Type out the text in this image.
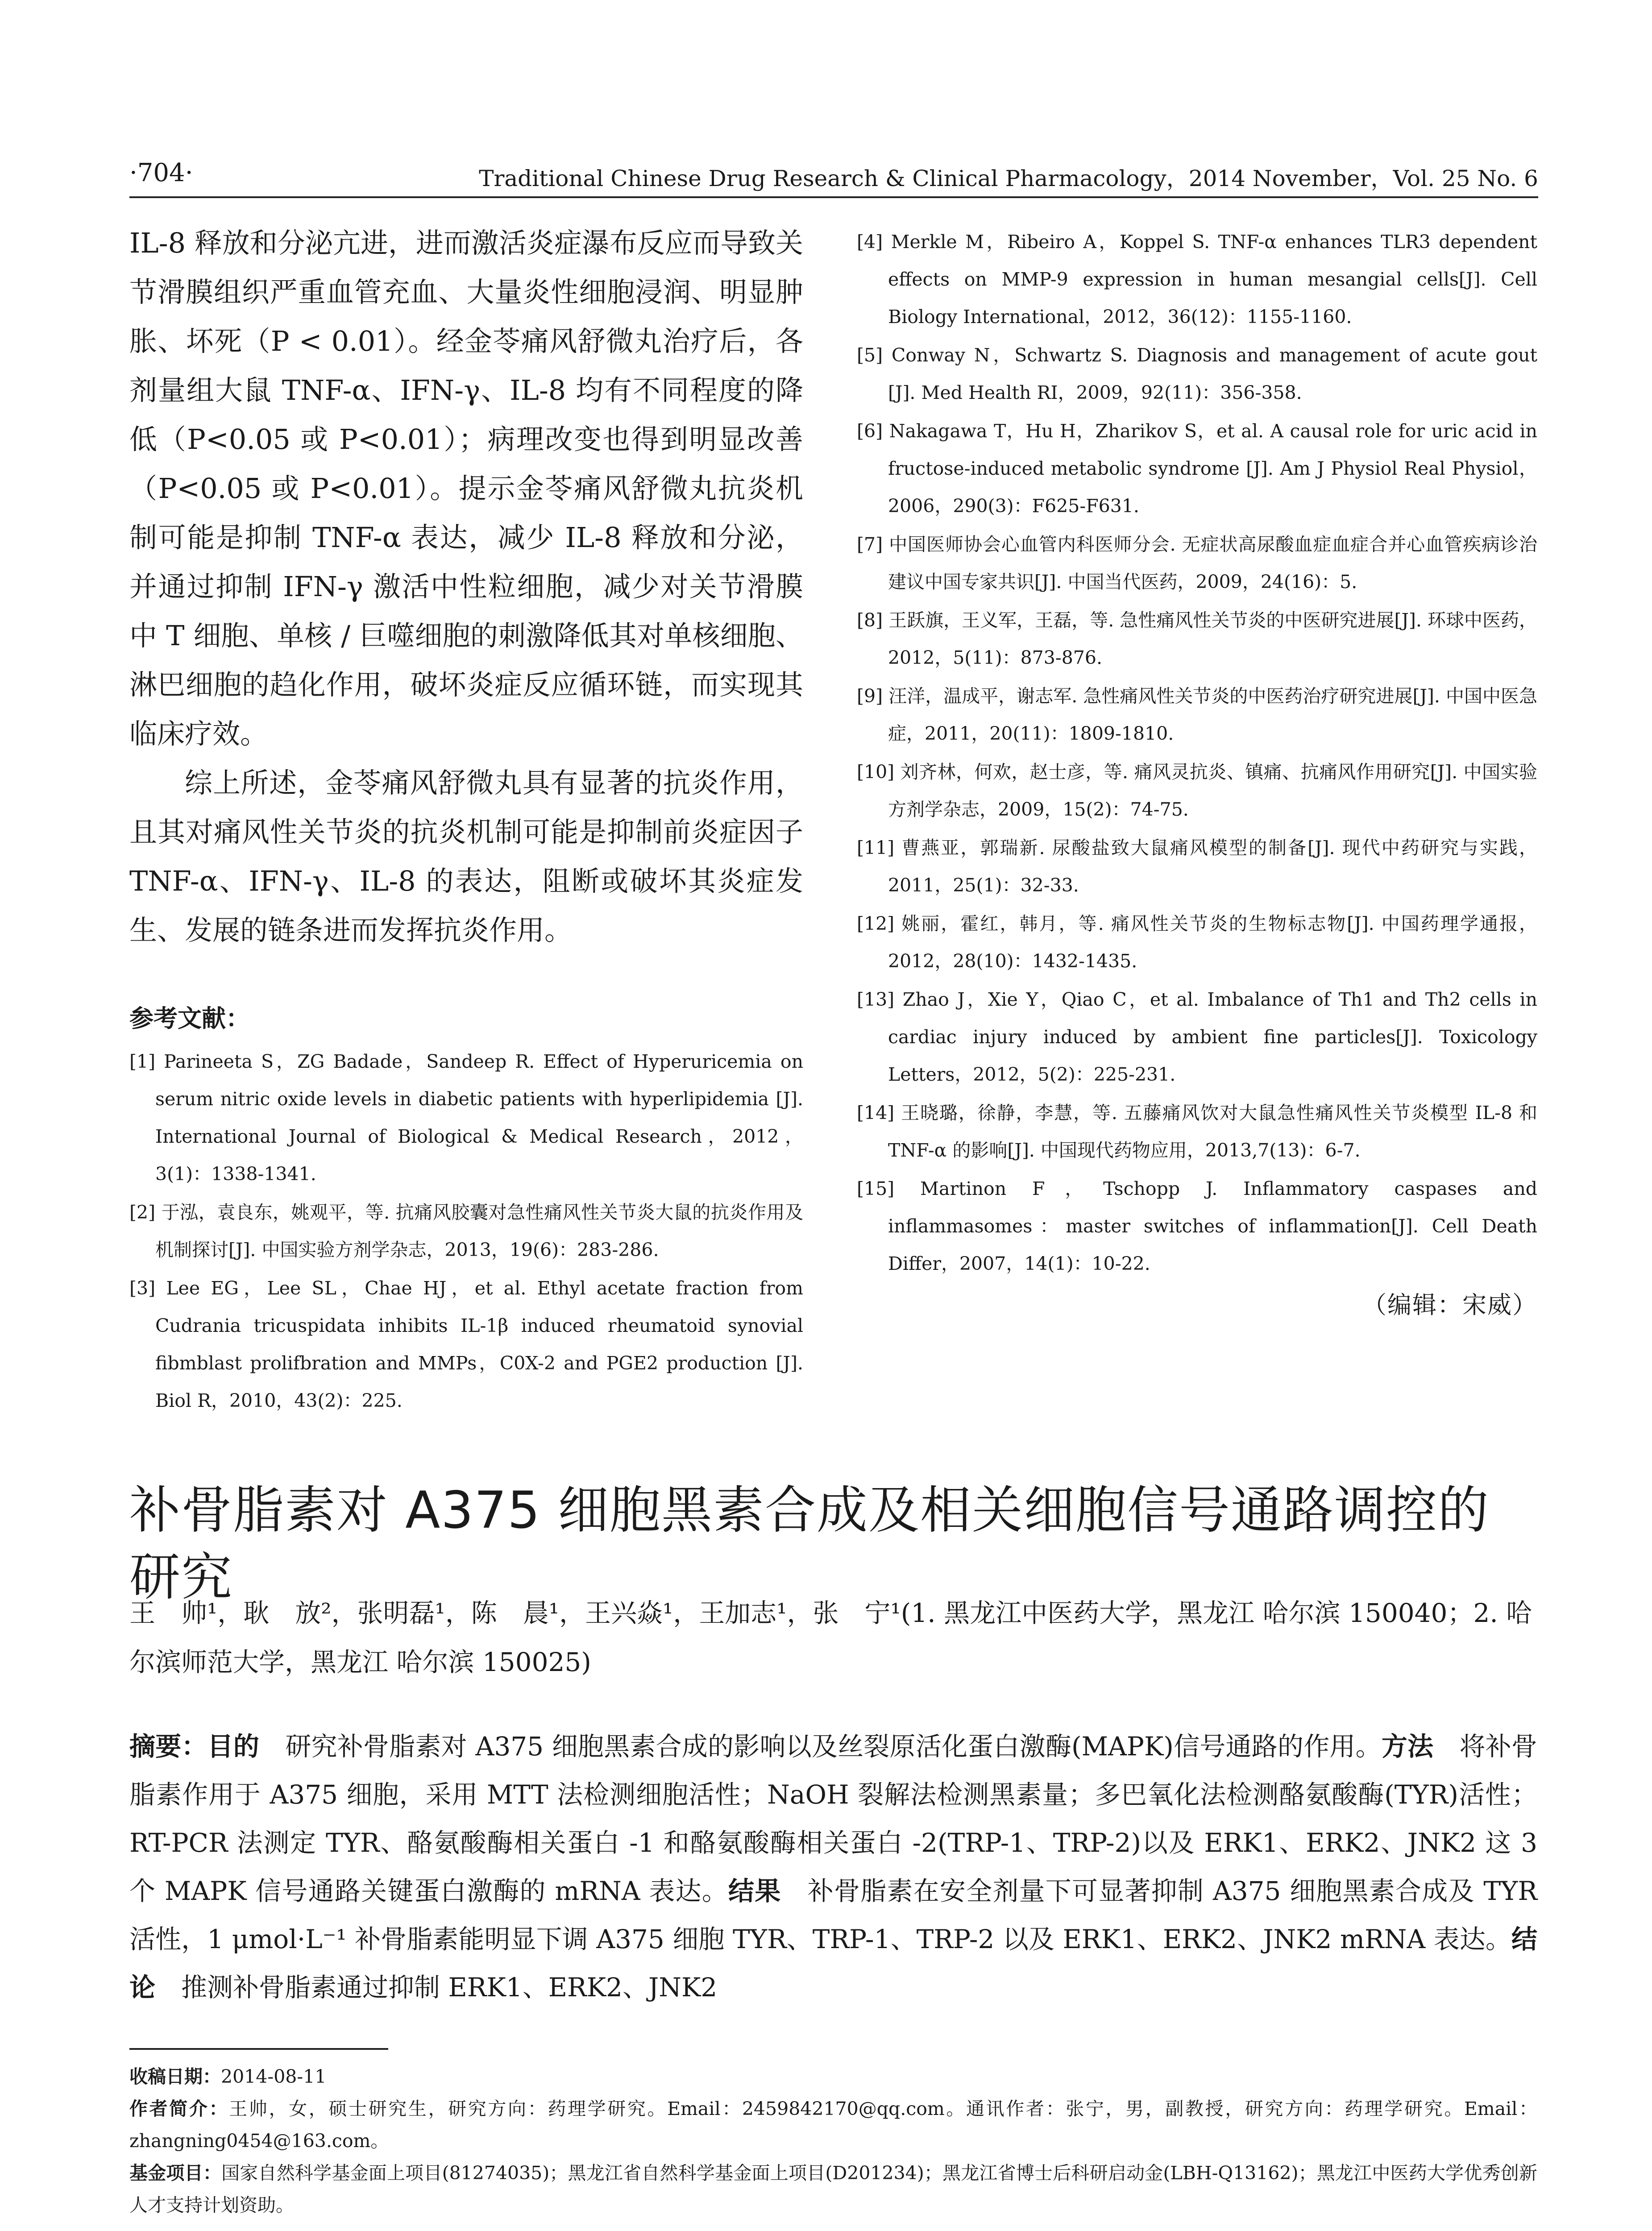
·704·	Traditional Chinese Drug Research & Clinical Pharmacology，2014 November，Vol. 25 No. 6

IL-8 释放和分泌亢进，进而激活炎症瀑布反应而导致关节滑膜组织严重血管充血、大量炎性细胞浸润、明显肿胀、坏死（P < 0.01）。经金苓痛风舒微丸治疗后，各剂量组大鼠 TNF-α、IFN-γ、IL-8 均有不同程度的降低（P<0.05 或 P<0.01）；病理改变也得到明显改善（P<0.05 或 P<0.01）。提示金苓痛风舒微丸抗炎机制可能是抑制 TNF-α 表达，减少 IL-8 释放和分泌，并通过抑制 IFN-γ 激活中性粒细胞，减少对关节滑膜中 T 细胞、单核 / 巨噬细胞的刺激降低其对单核细胞、淋巴细胞的趋化作用，破坏炎症反应循环链，而实现其临床疗效。

综上所述，金苓痛风舒微丸具有显著的抗炎作用，且其对痛风性关节炎的抗炎机制可能是抑制前炎症因子 TNF-α、IFN-γ、IL-8 的表达，阻断或破坏其炎症发生、发展的链条进而发挥抗炎作用。

参考文献：

[1] Parineeta S，ZG Badade，Sandeep R. Effect of Hyperuricemia on serum nitric oxide levels in diabetic patients with hyperlipidemia [J]. International Journal of Biological & Medical Research，2012，3(1)：1338-1341.

[2] 于泓，袁良东，姚观平，等. 抗痛风胶囊对急性痛风性关节炎大鼠的抗炎作用及机制探讨[J]. 中国实验方剂学杂志，2013，19(6)：283-286.

[3] Lee EG，Lee SL，Chae HJ，et al. Ethyl acetate fraction from Cudrania tricuspidata inhibits IL-1β induced rheumatoid synovial fibmblast prolifbration and MMPs，C0X-2 and PGE2 production [J]. Biol R，2010，43(2)：225.

[4] Merkle M，Ribeiro A，Koppel S. TNF-α enhances TLR3 dependent effects on MMP-9 expression in human mesangial cells[J]. Cell Biology International，2012，36(12)：1155-1160.

[5] Conway N，Schwartz S. Diagnosis and management of acute gout [J]. Med Health RI，2009，92(11)：356-358.

[6] Nakagawa T，Hu H，Zharikov S，et al. A causal role for uric acid in fructose-induced metabolic syndrome [J]. Am J Physiol Real Physiol，2006，290(3)：F625-F631.

[7] 中国医师协会心血管内科医师分会. 无症状高尿酸血症血症合并心血管疾病诊治建议中国专家共识[J]. 中国当代医药，2009，24(16)：5.

[8] 王跃旗，王义军，王磊，等. 急性痛风性关节炎的中医研究进展[J]. 环球中医药，2012，5(11)：873-876.

[9] 汪洋，温成平，谢志军. 急性痛风性关节炎的中医药治疗研究进展[J]. 中国中医急症，2011，20(11)：1809-1810.

[10] 刘齐林，何欢，赵士彦，等. 痛风灵抗炎、镇痛、抗痛风作用研究[J]. 中国实验方剂学杂志，2009，15(2)：74-75.

[11] 曹燕亚，郭瑞新. 尿酸盐致大鼠痛风模型的制备[J]. 现代中药研究与实践，2011，25(1)：32-33.

[12] 姚丽，霍红，韩月，等. 痛风性关节炎的生物标志物[J]. 中国药理学通报，2012，28(10)：1432-1435.

[13] Zhao J，Xie Y，Qiao C，et al. Imbalance of Th1 and Th2 cells in cardiac injury induced by ambient fine particles[J]. Toxicology Letters，2012，5(2)：225-231.

[14] 王晓璐，徐静，李慧，等. 五藤痛风饮对大鼠急性痛风性关节炎模型 IL-8 和 TNF-α 的影响[J]. 中国现代药物应用，2013,7(13)：6-7.

[15] Martinon F，Tschopp J. Inflammatory caspases and inflammasomes：master switches of inflammation[J]. Cell Death Differ，2007，14(1)：10-22.

（编辑：宋威）
补骨脂素对 A375 细胞黑素合成及相关细胞信号通路调控的研究
王　帅¹，耿　放²，张明磊¹，陈　晨¹，王兴焱¹，王加志¹，张　宁¹(1. 黑龙江中医药大学，黑龙江 哈尔滨 150040；2. 哈尔滨师范大学，黑龙江 哈尔滨 150025)

摘要：目的　 研究补骨脂素对 A375 细胞黑素合成的影响以及丝裂原活化蛋白激酶(MAPK)信号通路的作用。方法　 将补骨脂素作用于 A375 细胞，采用 MTT 法检测细胞活性；NaOH 裂解法检测黑素量；多巴氧化法检测酪氨酸酶(TYR)活性；RT-PCR 法测定 TYR、酪氨酸酶相关蛋白 -1 和酪氨酸酶相关蛋白 -2(TRP-1、TRP-2)以及 ERK1、ERK2、JNK2 这 3 个 MAPK 信号通路关键蛋白激酶的 mRNA 表达。结果　 补骨脂素在安全剂量下可显著抑制 A375 细胞黑素合成及 TYR 活性，1 μmol·L⁻¹ 补骨脂素能明显下调 A375 细胞 TYR、TRP-1、TRP-2 以及 ERK1、ERK2、JNK2 mRNA 表达。结论　 推测补骨脂素通过抑制 ERK1、ERK2、JNK2

收稿日期：2014-08-11

作者简介：王帅，女，硕士研究生，研究方向：药理学研究。Email：2459842170@qq.com。通讯作者：张宁，男，副教授，研究方向：药理学研究。Email：zhangning0454@163.com。

基金项目：国家自然科学基金面上项目(81274035)；黑龙江省自然科学基金面上项目(D201234)；黑龙江省博士后科研启动金(LBH-Q13162)；黑龙江中医药大学优秀创新人才支持计划资助。
